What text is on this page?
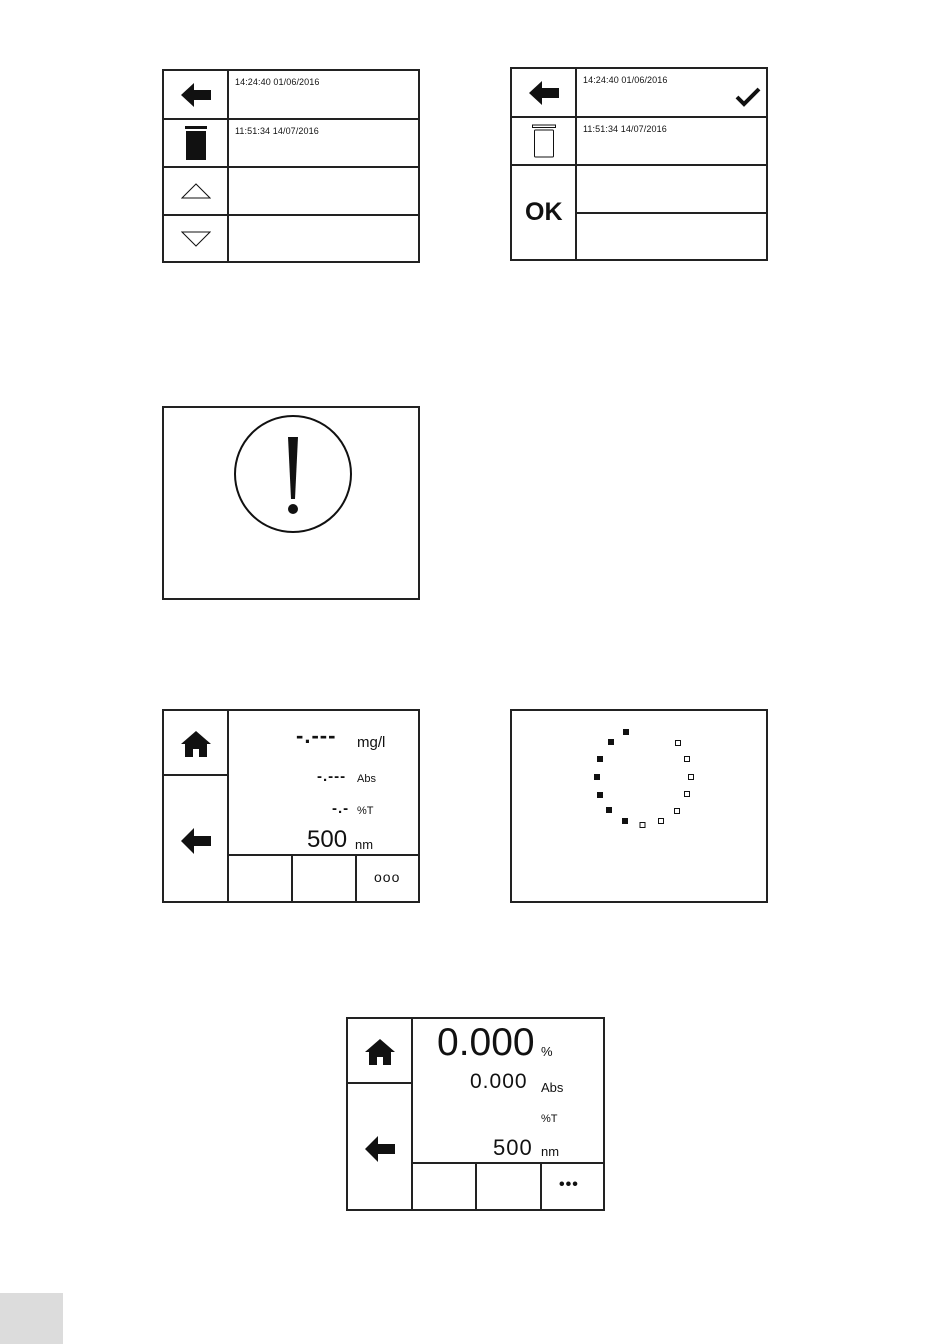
14:24:40 01/06/2016
11:51:34 14/07/2016
OK
14:24:40 01/06/2016
11:51:34 14/07/2016
-.--- mg/l
-.--- Abs
-.- %T
500 nm
ooo
0.000 %
0.000 Abs
%T
500 nm
•••
